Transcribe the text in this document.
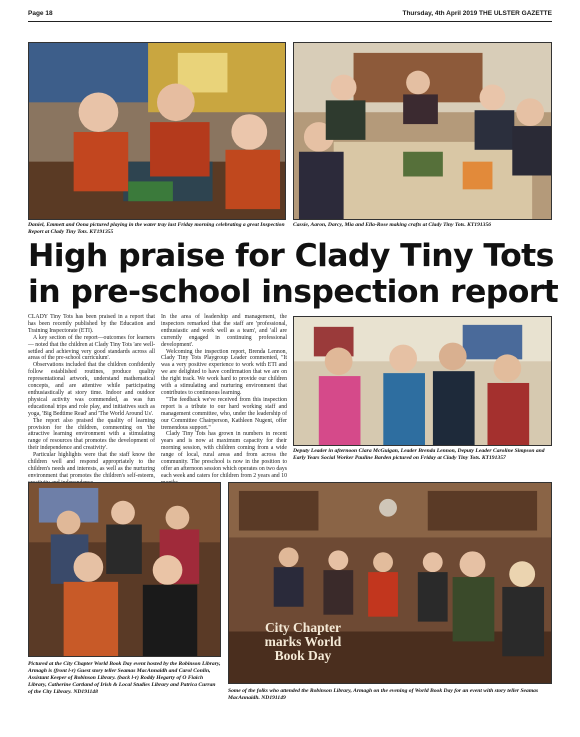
Page 18	Thursday, 4th April 2019 THE ULSTER GAZETTE
Daniel, Emmett and Oona pictured playing in the water tray last Friday morning celebrating a great Inspection Report at Clady Tiny Tots. KT191355
Cassie, Aaron, Darcy, Mia and Ella-Rose making crafts at Clady Tiny Tots. KT191356
High praise for Clady Tiny Tots
in pre-school inspection report

CLADY Tiny Tots has been praised in a report that has been recently published by the Education and Training Inspectorate (ETI).

A key section of the report—outcomes for learners— noted that the children at Clady Tiny Tots 'are well-settled and achieving very good standards across all areas of the pre-school curriculum'.

Observations included that the children confidently follow established routines, produce quality representational artwork, understand mathematical concepts, and are attentive while participating enthusiastically at story time. Indoor and outdoor physical activity was commended, as was fun educational trips and role play, and initiatives such as yoga, 'Big Bedtime Read' and 'The World Around Us'.

The report also praised the quality of learning provision for the children, commenting on 'the attractive learning environment with a stimulating range of resources that promotes the development of their independence and creativity'.

Particular highlights were that the staff know the children well and respond appropriately to the children's needs and interests, as well as the nurturing environment that promotes the children's self-esteem,

In the area of leadership and management, the inspectors remarked that the staff are 'professional, enthusiastic and work well as a team', and 'all are currently engaged in continuing professional development'.

Welcoming the inspection report, Brenda Lennon, Clady Tiny Tots Playgroup Leader commented, "It was a very positive experience to work with ETI and we are delighted to have confirmation that we are on the right track. We work hard to provide our children with a stimulating and nurturing environment that contributes to continuous learning.

"The feedback we've received from this inspection report is a tribute to our hard working staff and management committee, who, under the leadership of our Committee Chairperson, Kathleen Nugent, offer tremendous support."

Clady Tiny Tots has grown in numbers in recent years and is now at maximum capacity for their morning session, with children coming from a wide range of local, rural areas and from across the community. The preschool is now in the position to offer an afternoon session which operates on two days each week and caters for children from 2 years and 10

Deputy Leader in afternoon Ciara McGuigan, Leader Brenda Lennon, Deputy Leader Caroline Simpson and Early Years Social Worker Pauline Barden pictured on Friday at Clady Tiny Tots. KT191357
Pictured at the City Chapter World Book Day event hosted by the Robinson Library, Armagh is (front l-r) Guest story teller Seamas MacAnnaidh and Carol Conlin, Assistant Keeper of Robinson Library. (back l-r) Roddy Hegarty of O Fiaich Library, Catherine Cartland of Irish & Local Studies Library and Patrica Curran of the City Library. ND191148
City Chapter
marks World
Book Day
Some of the folks who attended the Robinson Library, Armagh on the evening of World Book Day for an event with story teller Seamas MacAnnaidh. ND191149
